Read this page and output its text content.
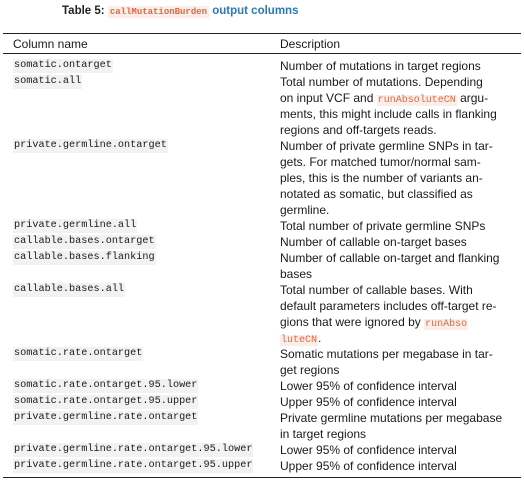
Table 5: callMutationBurden output columns
Column name	Description
somatic.ontarget	Number of mutations in target regions
somatic.all	Total number of mutations. Depending
on input VCF and runAbsoluteCN argu-
ments, this might include calls in flanking
regions and off-targets reads.
private.germline.ontarget	Number of private germline SNPs in tar-
gets. For matched tumor/normal sam-
ples, this is the number of variants an-
notated as somatic, but classified as
germline.
private.germline.all	Total number of private germline SNPs
callable.bases.ontarget	Number of callable on-target bases
callable.bases.flanking	Number of callable on-target and flanking
bases
callable.bases.all	Total number of callable bases. With
default parameters includes off-target re-
gions that were ignored by runAbso
luteCN.
somatic.rate.ontarget	Somatic mutations per megabase in tar-
get regions
somatic.rate.ontarget.95.lower	Lower 95% of confidence interval
somatic.rate.ontarget.95.upper	Upper 95% of confidence interval
private.germline.rate.ontarget	Private germline mutations per megabase
in target regions
private.germline.rate.ontarget.95.lower Lower 95% of confidence interval
private.germline.rate.ontarget.95.upper Upper 95% of confidence interval
